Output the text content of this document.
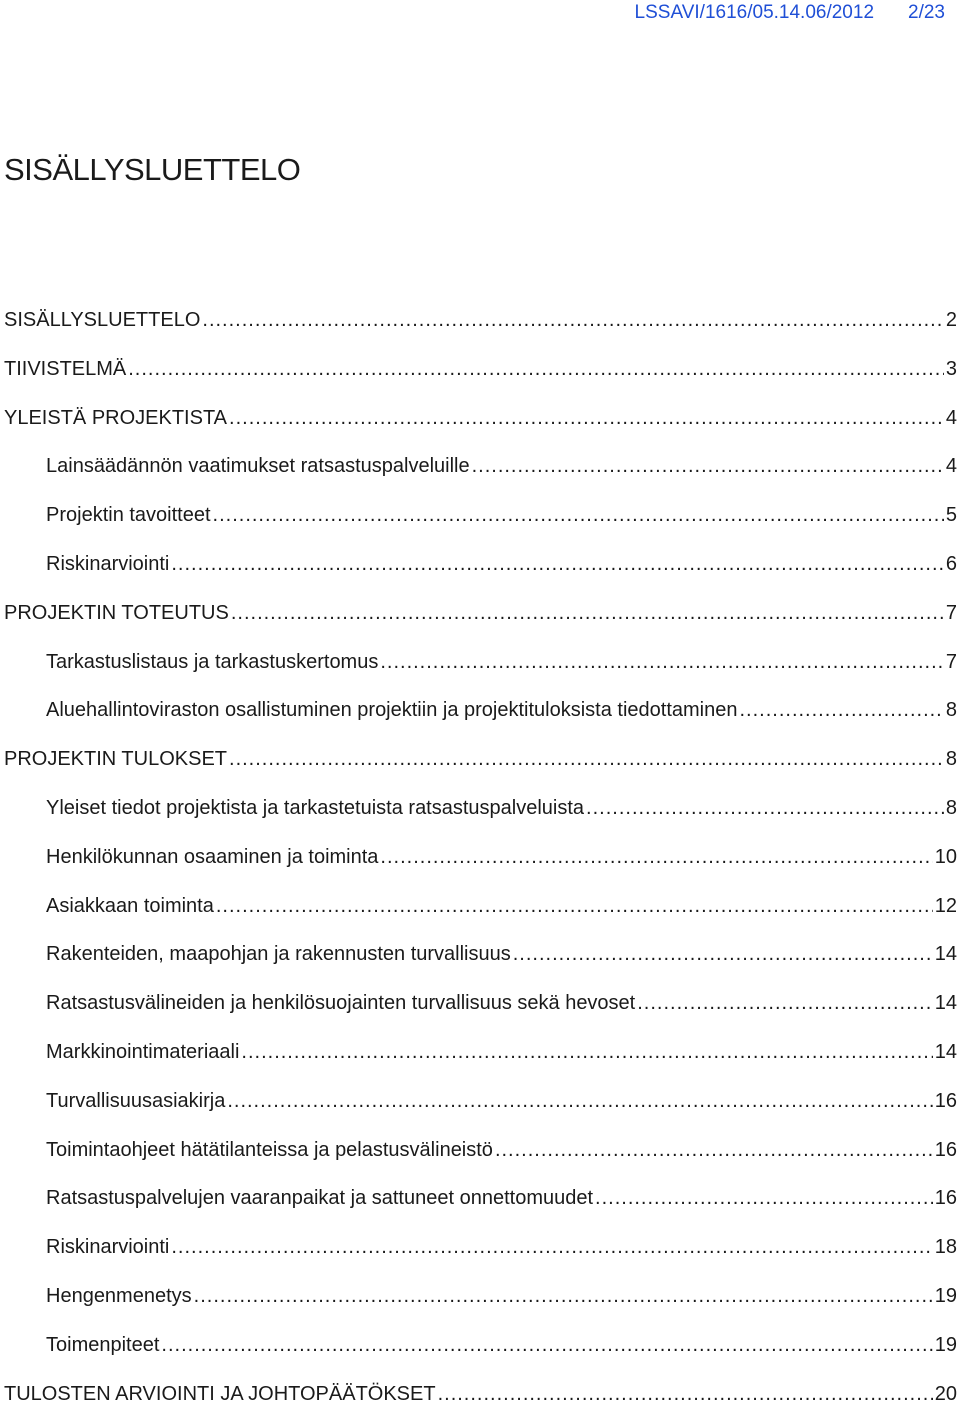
LSSAVI/1616/05.14.06/2012 2/23
SISÄLLYSLUETTELO
SISÄLLYSLUETTELO .....	2
TIIVISTELMÄ .....	3
YLEISTÄ PROJEKTISTA .....	4
Lainsäädännön vaatimukset ratsastuspalveluille .....	4
Projektin tavoitteet .....	5
Riskinarviointi .....	6
PROJEKTIN TOTEUTUS .....	7
Tarkastuslistaus ja tarkastuskertomus .....	7
Aluehallintoviraston osallistuminen projektiin ja projektituloksista tiedottaminen .....	8
PROJEKTIN TULOKSET .....	8
Yleiset tiedot projektista ja tarkastetuista ratsastuspalveluista .....	8
Henkilökunnan osaaminen ja toiminta .....	10
Asiakkaan toiminta .....	12
Rakenteiden, maapohjan ja rakennusten turvallisuus .....	14
Ratsastusvälineiden ja henkilösuojainten turvallisuus sekä hevoset .....	14
Markkinointimateriaali .....	14
Turvallisuusasiakirja .....	16
Toimintaohjeet hätätilanteissa ja pelastusvälineistö .....	16
Ratsastuspalvelujen vaaranpaikat ja sattuneet onnettomuudet .....	16
Riskinarviointi .....	18
Hengenmenetys .....	19
Toimenpiteet .....	19
TULOSTEN ARVIOINTI JA JOHTOPÄÄTÖKSET .....	20
